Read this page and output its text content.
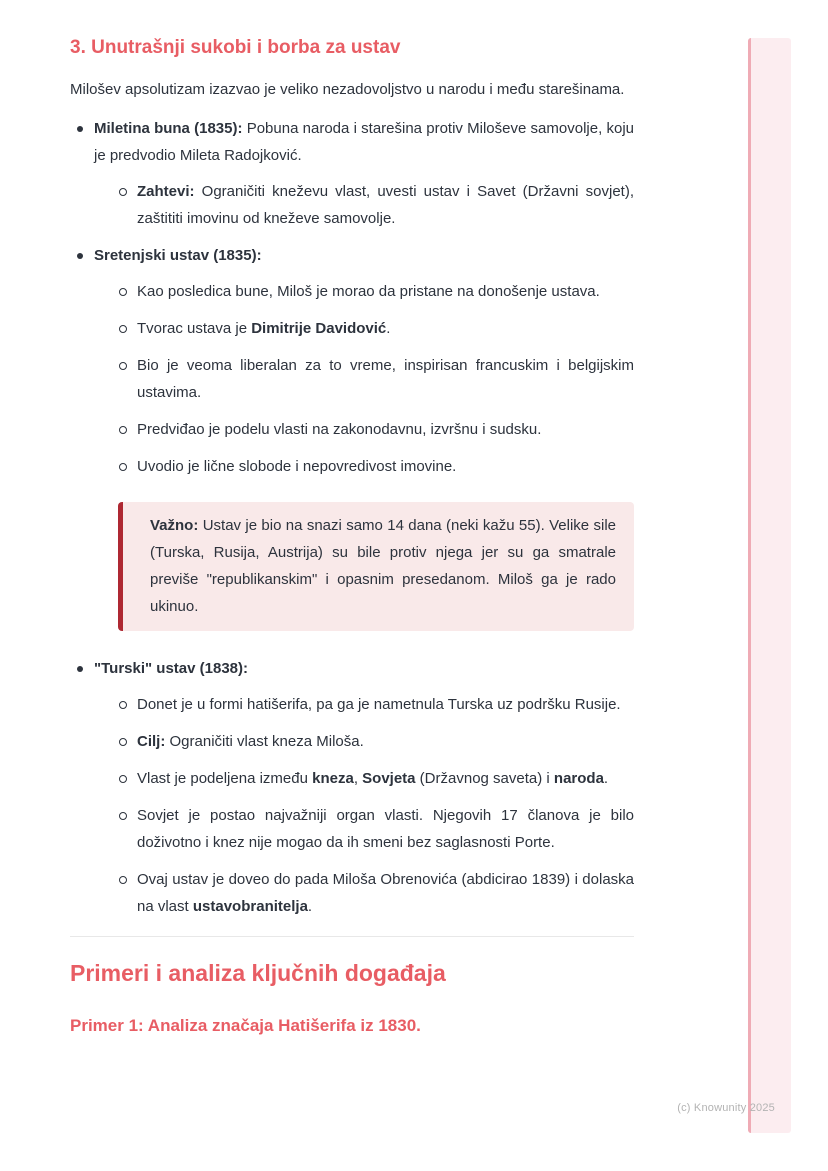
3. Unutrašnji sukobi i borba za ustav

Milošev apsolutizam izazvao je veliko nezadovoljstvo u narodu i među starešinama.

Miletina buna (1835): Pobuna naroda i starešina protiv Miloševe samovolje, koju je predvodio Mileta Radojković.
Zahtevi: Ograničiti kneževu vlast, uvesti ustav i Savet (Državni sovjet), zaštititi imovinu od kneževe samovolje.
Sretenjski ustav (1835):
Kao posledica bune, Miloš je morao da pristane na donošenje ustava.
Tvorac ustava je Dimitrije Davidović.
Bio je veoma liberalan za to vreme, inspirisan francuskim i belgijskim ustavima.
Predviđao je podelu vlasti na zakonodavnu, izvršnu i sudsku.
Uvodio je lične slobode i nepovredivost imovine.

Važno: Ustav je bio na snazi samo 14 dana (neki kažu 55). Velike sile (Turska, Rusija, Austrija) su bile protiv njega jer su ga smatrale previše "republikanskim" i opasnim presedanom. Miloš ga je rado ukinuo.

"Turski" ustav (1838):
Donet je u formi hatišerifa, pa ga je nametnula Turska uz podršku Rusije.
Cilj: Ograničiti vlast kneza Miloša.
Vlast je podeljena između kneza, Sovjeta (Državnog saveta) i naroda.
Sovjet je postao najvažniji organ vlasti. Njegovih 17 članova je bilo doživotno i knez nije mogao da ih smeni bez saglasnosti Porte.
Ovaj ustav je doveo do pada Miloša Obrenovića (abdicirao 1839) i dolaska na vlast ustavobranitelja.
Primeri i analiza ključnih događaja
Primer 1: Analiza značaja Hatišerifa iz 1830.
(c) Knowunity 2025
